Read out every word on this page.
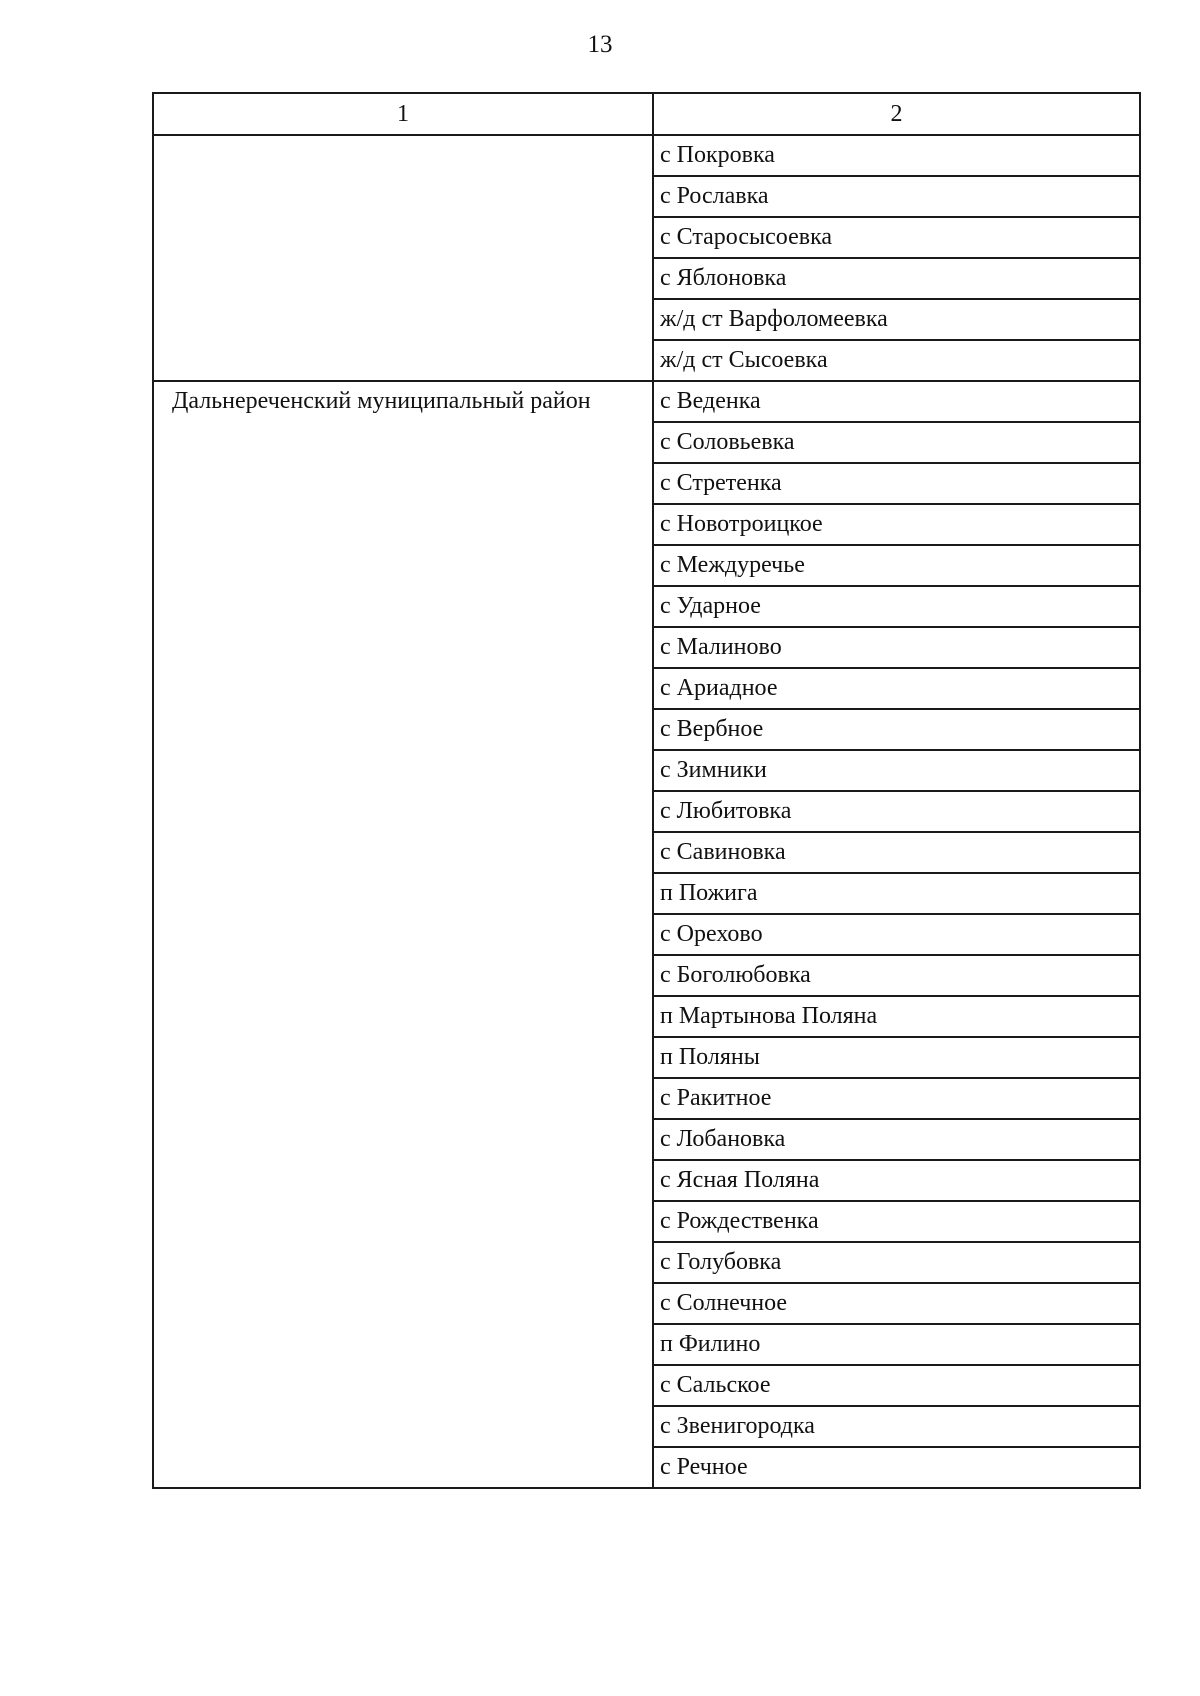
13
1	2
	с Покровка
	с Рославка
	с Старосысоевка
	с Яблоновка
	ж/д ст Варфоломеевка
	ж/д ст Сысоевка
Дальнереченский муниципальный район	с Веденка
	с Соловьевка
	с Стретенка
	с Новотроицкое
	с Междуречье
	с Ударное
	с Малиново
	с Ариадное
	с Вербное
	с Зимники
	с Любитовка
	с Савиновка
	п Пожига
	с Орехово
	с Боголюбовка
	п Мартынова Поляна
	п Поляны
	с Ракитное
	с Лобановка
	с Ясная Поляна
	с Рождественка
	с Голубовка
	с Солнечное
	п Филино
	с Сальское
	с Звенигородка
	с Речное
